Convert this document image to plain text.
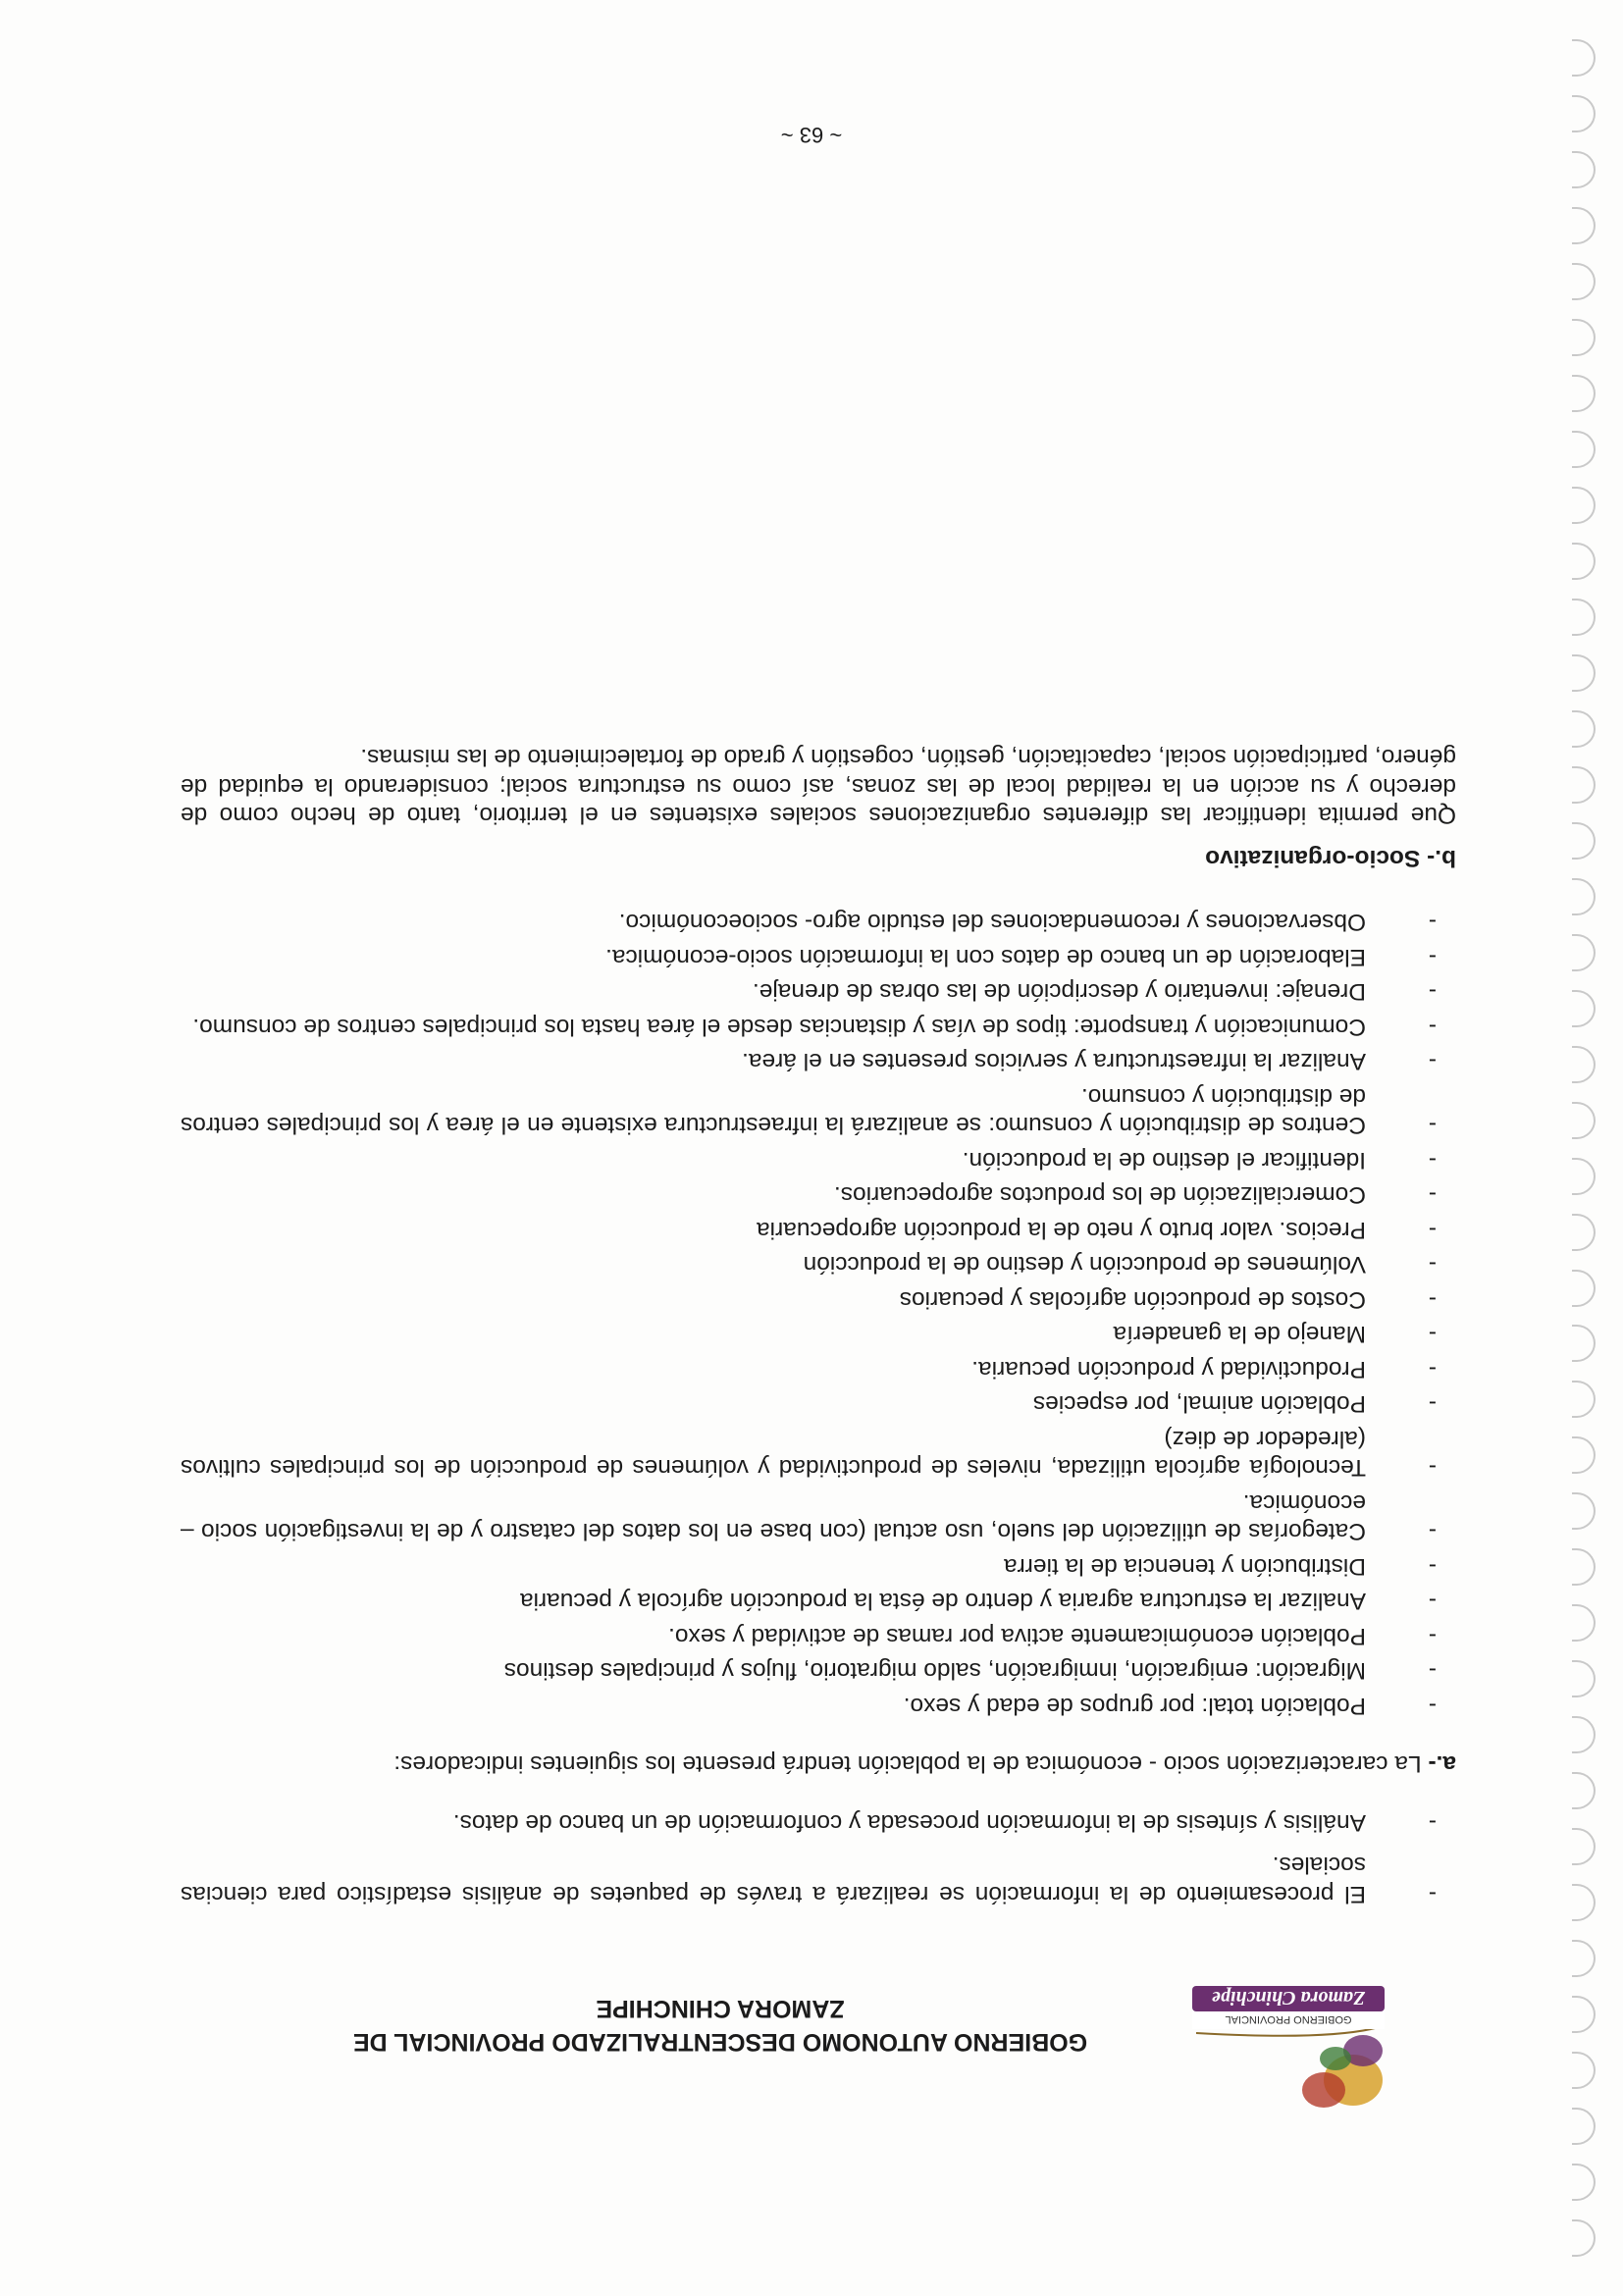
GOBIERNO PROVINCIAL
Zamora Chinchipe
GOBIERNO AUTONOMO DESCENTRALIZADO PROVINCIAL DE
ZAMORA CHINCHIPE
-
El procesamiento de la información se realizará a través de paquetes de análisis estadístico para ciencias sociales.
-
Análisis y síntesis de la información procesada y conformación de un banco de datos.

a.- La caracterización socio - económica de la población tendrá presente los siguientes indicadores:

-
Población total: por grupos de edad y sexo.
-
Migración: emigración, inmigración, saldo migratorio, flujos y principales destinos
-
Población económicamente activa por ramas de actividad y sexo.
-
Analizar la estructura agraria y dentro de ésta la producción agrícola y pecuaria
-
Distribución y tenencia de la tierra
-
Categorías de utilización del suelo, uso actual (con base en los datos del catastro y de la investigación socio – económica.
-
Tecnología agrícola utilizada, niveles de productividad y volúmenes de producción de los principales cultivos (alrededor de diez)
-
Población animal, por especies
-
Productividad y producción pecuaria.
-
Manejo de la ganadería
-
Costos de producción agrícolas y pecuarios
-
Volúmenes de producción y destino de la producción
-
Precios. valor bruto y neto de la producción agropecuaria
-
Comercialización de los productos agropecuarios.
-
Identificar el destino de la producción.
-
Centros de distribución y consumo: se analizará la infraestructura existente en el área y los principales centros de distribución y consumo.
-
Analizar la infraestructura y servicios presentes en el área.
-
Comunicación y transporte: tipos de vías y distancias desde el área hasta los principales centros de consumo.
-
Drenaje: inventario y descripción de las obras de drenaje.
-
Elaboración de un banco de datos con la información socio-económica.
-
Observaciones y recomendaciones del estudio agro- socioeconómico.

b.- Socio-organizativo

Que permita identificar las diferentes organizaciones sociales existentes en el territorio, tanto de hecho como de derecho y su acción en la realidad local de las zonas, así como su estructura social; considerando la equidad de género, participación social, capacitación, gestión, cogestión y grado de fortalecimiento de las mismas.

~ 63 ~
